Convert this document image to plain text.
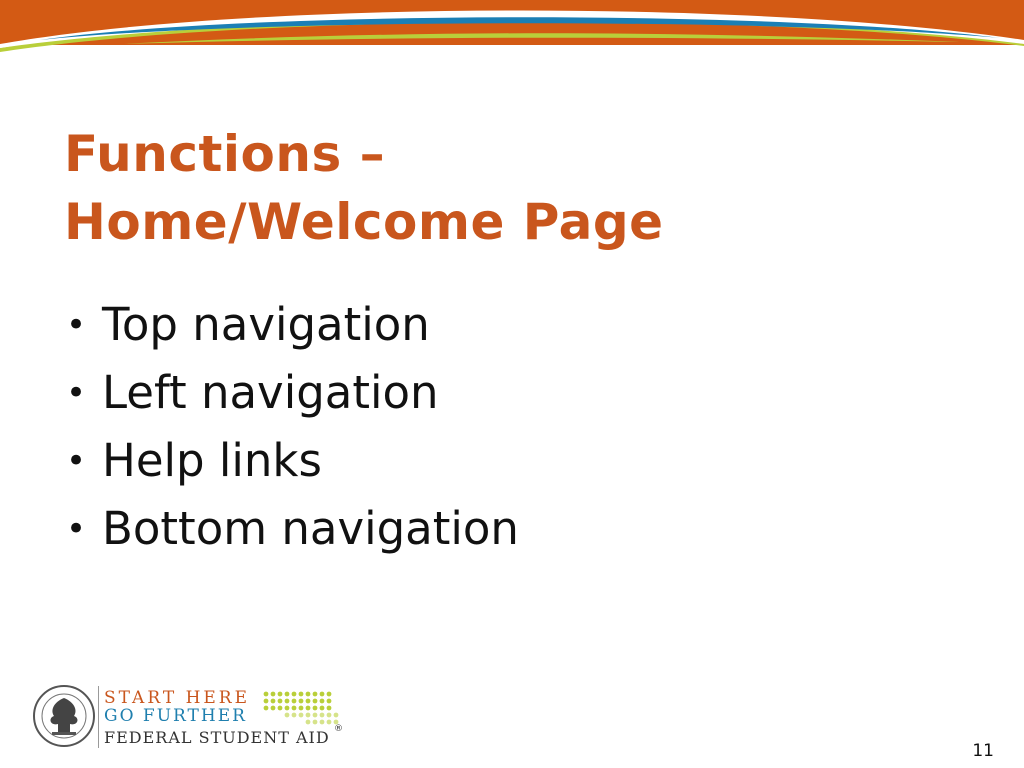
Functions –
Home/Welcome Page
• Top navigation
• Left navigation
• Help links
• Bottom navigation

START HERE

GO FURTHER

FEDERAL STUDENT AID ®
11
